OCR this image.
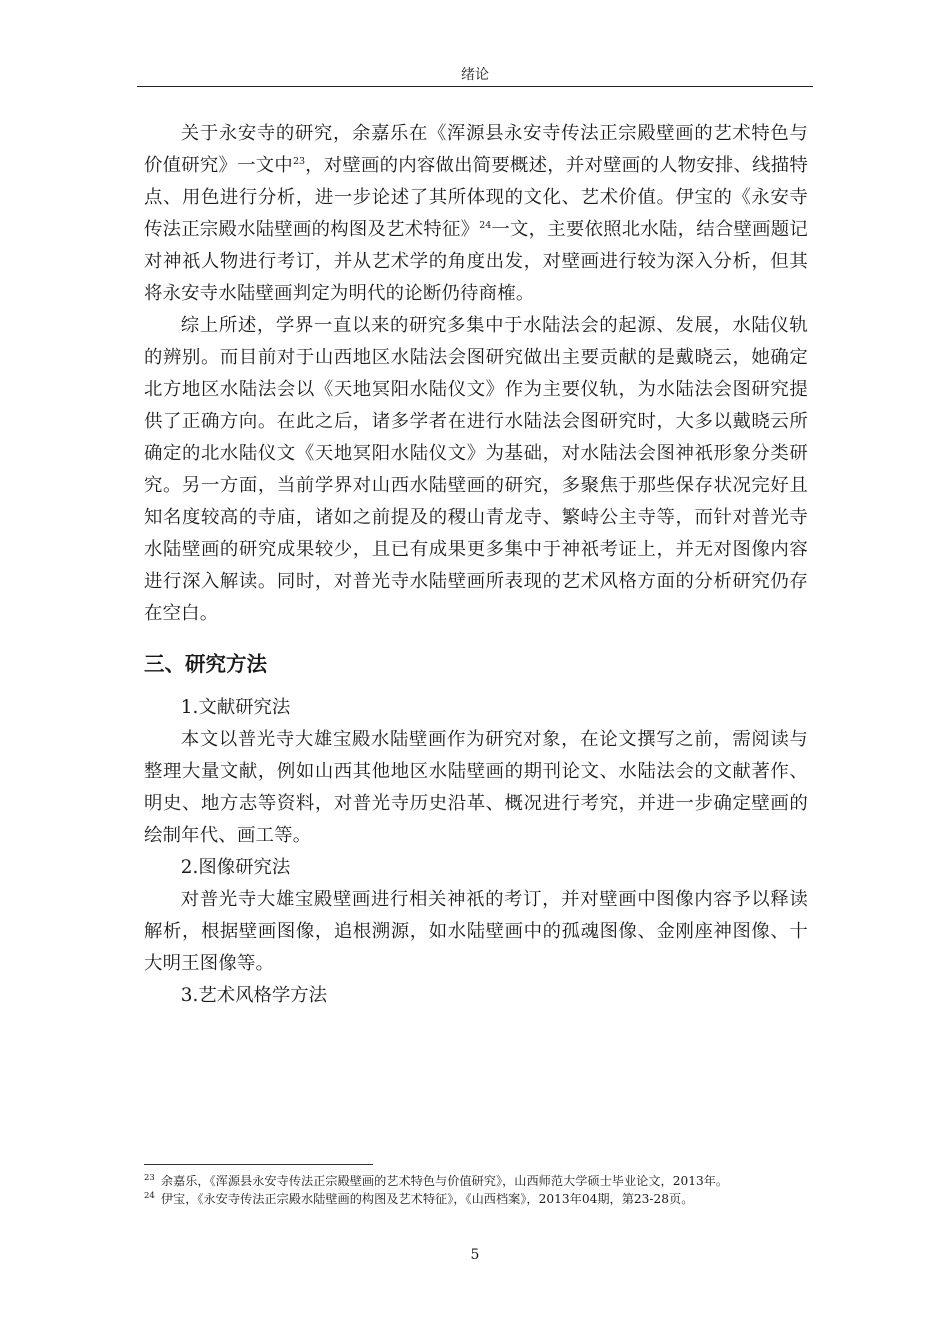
绪论

关于永安寺的研究，余嘉乐在《浑源县永安寺传法正宗殿壁画的艺术特色与价值研究》一文中$^{23}$，对壁画的内容做出简要概述，并对壁画的人物安排、线描特点、用色进行分析，进一步论述了其所体现的文化、艺术价值。伊宝的《永安寺传法正宗殿水陆壁画的构图及艺术特征》$^{24}$一文，主要依照北水陆，结合壁画题记对神祇人物进行考订，并从艺术学的角度出发，对壁画进行较为深入分析，但其将永安寺水陆壁画判定为明代的论断仍待商榷。

综上所述，学界一直以来的研究多集中于水陆法会的起源、发展，水陆仪轨的辨别。而目前对于山西地区水陆法会图研究做出主要贡献的是戴晓云，她确定北方地区水陆法会以《天地冥阳水陆仪文》作为主要仪轨，为水陆法会图研究提供了正确方向。在此之后，诸多学者在进行水陆法会图研究时，大多以戴晓云所确定的北水陆仪文《天地冥阳水陆仪文》为基础，对水陆法会图神祇形象分类研究。另一方面，当前学界对山西水陆壁画的研究，多聚焦于那些保存状况完好且知名度较高的寺庙，诸如之前提及的稷山青龙寺、繁峙公主寺等，而针对普光寺水陆壁画的研究成果较少，且已有成果更多集中于神祇考证上，并无对图像内容进行深入解读。同时，对普光寺水陆壁画所表现的艺术风格方面的分析研究仍存在空白。

三、研究方法

1.文献研究法

本文以普光寺大雄宝殿水陆壁画作为研究对象，在论文撰写之前，需阅读与整理大量文献，例如山西其他地区水陆壁画的期刊论文、水陆法会的文献著作、明史、地方志等资料，对普光寺历史沿革、概况进行考究，并进一步确定壁画的绘制年代、画工等。

2.图像研究法

对普光寺大雄宝殿壁画进行相关神祇的考订，并对壁画中图像内容予以释读解析，根据壁画图像，追根溯源，如水陆壁画中的孤魂图像、金刚座神图像、十大明王图像等。

3.艺术风格学方法

$^{23}$ 余嘉乐，《浑源县永安寺传法正宗殿壁画的艺术特色与价值研究》，山西师范大学硕士毕业论文，2013年。

$^{24}$ 伊宝，《永安寺传法正宗殿水陆壁画的构图及艺术特征》，《山西档案》，2013年04期，第23-28页。

5
